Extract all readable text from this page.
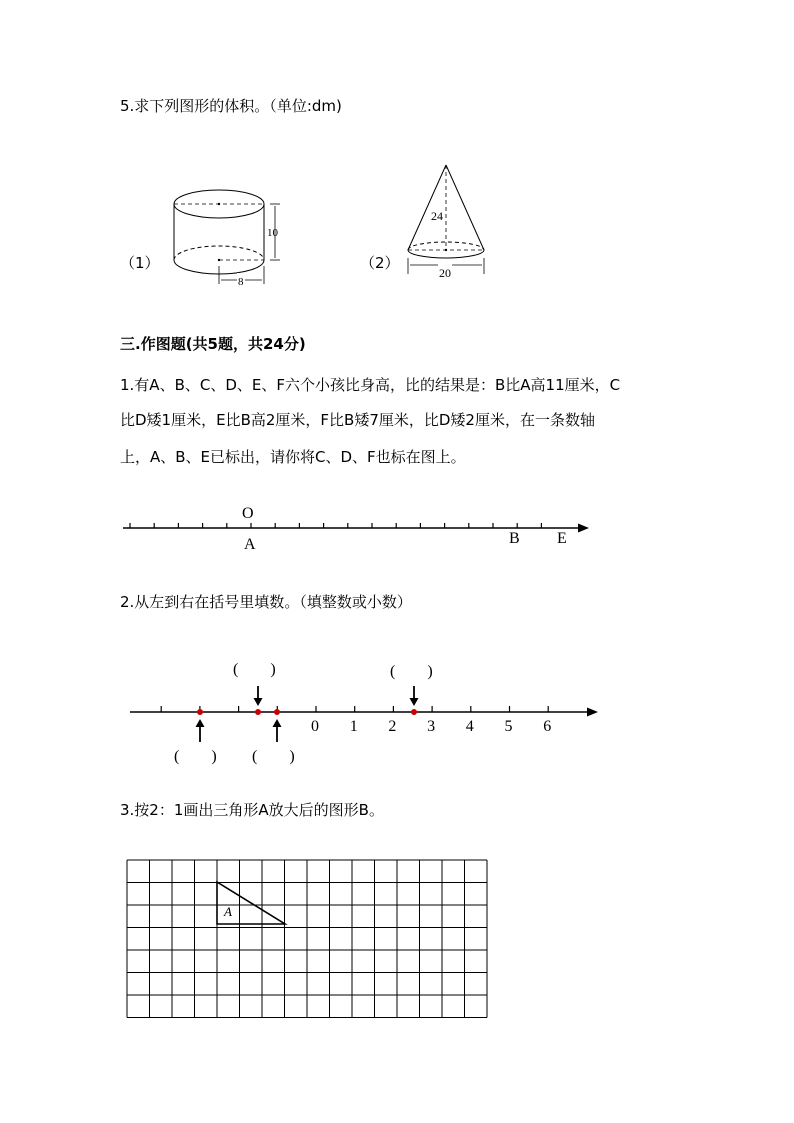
5.求下列图形的体积。（单位:dm)
10
8
（1）
24
20
（2）
三.作图题(共5题，共24分)
1.有A、B、C、D、E、F六个小孩比身高，比的结果是：B比A高11厘米，C
比D矮1厘米，E比B高2厘米，F比B矮7厘米，比D矮2厘米，在一条数轴
上，A、B、E已标出，请你将C、D、F也标在图上。
O
A	B E
2.从左到右在括号里填数。（填整数或小数）
0 1 2 3 4 5 6
(　　)	(　　)
(　　) (　　)
3.按2：1画出三角形A放大后的图形B。
A
